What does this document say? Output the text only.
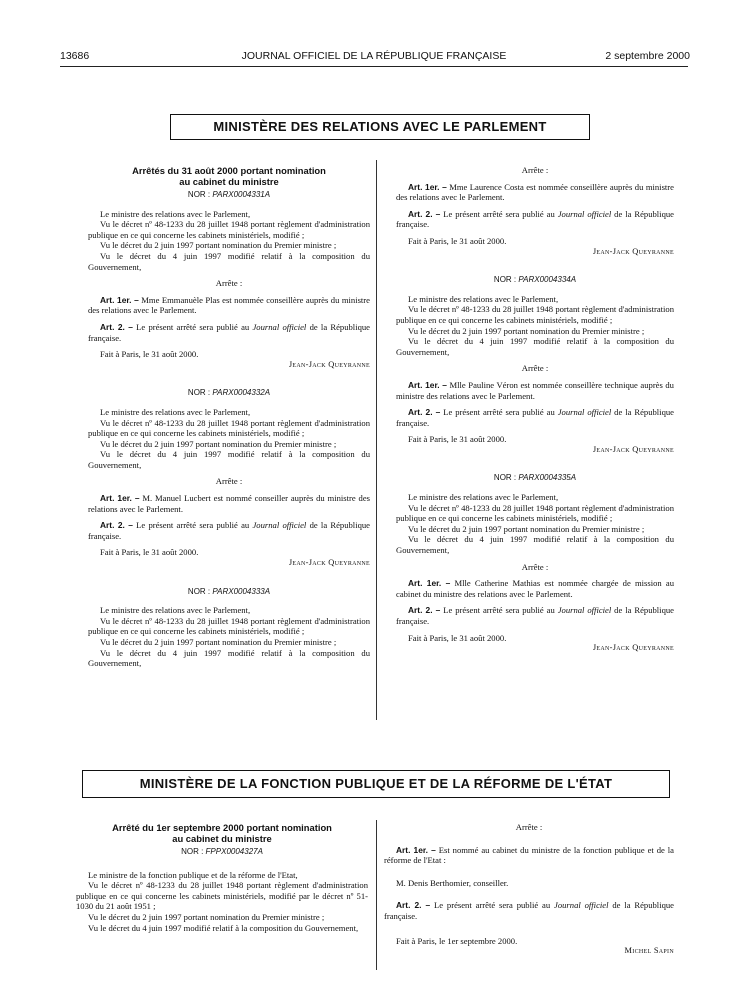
13686	JOURNAL OFFICIEL DE LA RÉPUBLIQUE FRANÇAISE	2 septembre 2000
MINISTÈRE DES RELATIONS AVEC LE PARLEMENT
Arrêtés du 31 août 2000 portant nomination
au cabinet du ministre
NOR : PARX0004331A

Le ministre des relations avec le Parlement,

Vu le décret nº 48-1233 du 28 juillet 1948 portant règlement d'administration publique en ce qui concerne les cabinets ministériels, modifié ;

Vu le décret du 2 juin 1997 portant nomination du Premier ministre ;

Vu le décret du 4 juin 1997 modifié relatif à la composition du Gouvernement,

Arrête :

Art. 1er. – Mme Emmanuèle Plas est nommée conseillère auprès du ministre des relations avec le Parlement.

Art. 2. – Le présent arrêté sera publié au Journal officiel de la République française.

Fait à Paris, le 31 août 2000.

Jean-Jack Queyranne

NOR : PARX0004332A

Le ministre des relations avec le Parlement,

Vu le décret nº 48-1233 du 28 juillet 1948 portant règlement d'administration publique en ce qui concerne les cabinets ministériels, modifié ;

Vu le décret du 2 juin 1997 portant nomination du Premier ministre ;

Vu le décret du 4 juin 1997 modifié relatif à la composition du Gouvernement,

Arrête :

Art. 1er. – M. Manuel Lucbert est nommé conseiller auprès du ministre des relations avec le Parlement.

Art. 2. – Le présent arrêté sera publié au Journal officiel de la République française.

Fait à Paris, le 31 août 2000.

Jean-Jack Queyranne

NOR : PARX0004333A

Le ministre des relations avec le Parlement,

Vu le décret nº 48-1233 du 28 juillet 1948 portant règlement d'administration publique en ce qui concerne les cabinets ministériels, modifié ;

Vu le décret du 2 juin 1997 portant nomination du Premier ministre ;

Vu le décret du 4 juin 1997 modifié relatif à la composition du Gouvernement,

Arrête :

Art. 1er. – Mme Laurence Costa est nommée conseillère auprès du ministre des relations avec le Parlement.

Art. 2. – Le présent arrêté sera publié au Journal officiel de la République française.

Fait à Paris, le 31 août 2000.

Jean-Jack Queyranne

NOR : PARX0004334A

Le ministre des relations avec le Parlement,

Vu le décret nº 48-1233 du 28 juillet 1948 portant règlement d'administration publique en ce qui concerne les cabinets ministériels, modifié ;

Vu le décret du 2 juin 1997 portant nomination du Premier ministre ;

Vu le décret du 4 juin 1997 modifié relatif à la composition du Gouvernement,

Arrête :

Art. 1er. – Mlle Pauline Véron est nommée conseillère technique auprès du ministre des relations avec le Parlement.

Art. 2. – Le présent arrêté sera publié au Journal officiel de la République française.

Fait à Paris, le 31 août 2000.

Jean-Jack Queyranne

NOR : PARX0004335A

Le ministre des relations avec le Parlement,

Vu le décret nº 48-1233 du 28 juillet 1948 portant règlement d'administration publique en ce qui concerne les cabinets ministériels, modifié ;

Vu le décret du 2 juin 1997 portant nomination du Premier ministre ;

Vu le décret du 4 juin 1997 modifié relatif à la composition du Gouvernement,

Arrête :

Art. 1er. – Mlle Catherine Mathias est nommée chargée de mission au cabinet du ministre des relations avec le Parlement.

Art. 2. – Le présent arrêté sera publié au Journal officiel de la République française.

Fait à Paris, le 31 août 2000.

Jean-Jack Queyranne

MINISTÈRE DE LA FONCTION PUBLIQUE ET DE LA RÉFORME DE L'ÉTAT
Arrêté du 1er septembre 2000 portant nomination
au cabinet du ministre
NOR : FPPX0004327A

Le ministre de la fonction publique et de la réforme de l'Etat,

Vu le décret nº 48-1233 du 28 juillet 1948 portant règlement d'administration publique en ce qui concerne les cabinets ministériels, modifié par le décret nº 51-1030 du 21 août 1951 ;

Vu le décret du 2 juin 1997 portant nomination du Premier ministre ;

Vu le décret du 4 juin 1997 modifié relatif à la composition du Gouvernement,

Arrête :

Art. 1er. – Est nommé au cabinet du ministre de la fonction publique et de la réforme de l'Etat :

M. Denis Berthomier, conseiller.

Art. 2. – Le présent arrêté sera publié au Journal officiel de la République française.

Fait à Paris, le 1er septembre 2000.

Michel Sapin
